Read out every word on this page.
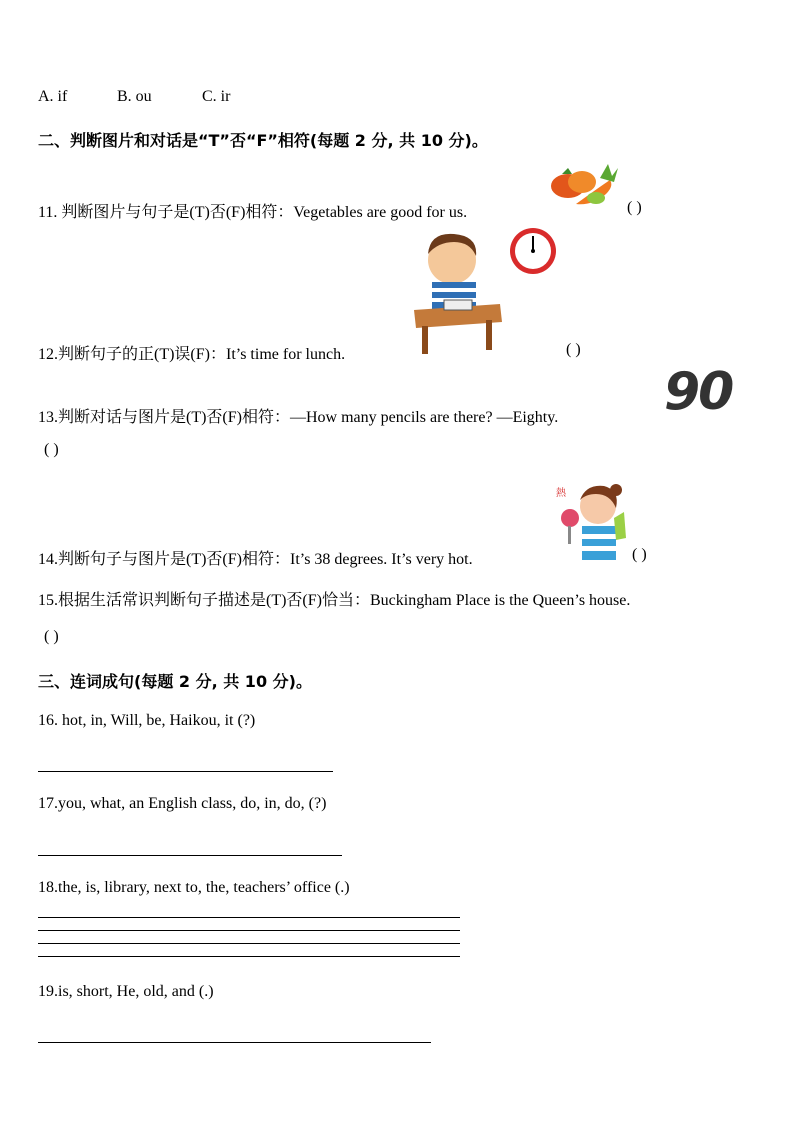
A. if	B. ou	C. ir
二、判断图片和对话是“T”否“F”相符(每题 2 分, 共 10 分)。
11. 判断图片与句子是(T)否(F)相符：Vegetables are good for us.	( )
12.判断句子的正(T)误(F)：It’s time for lunch.	( )
13.判断对话与图片是(T)否(F)相符：—How many pencils are there? —Eighty. 90
( )
熱
14.判断句子与图片是(T)否(F)相符：It’s 38 degrees. It’s very hot.	( )
15.根据生活常识判断句子描述是(T)否(F)恰当：Buckingham Place is the Queen’s house.
( )
三、连词成句(每题 2 分, 共 10 分)。
16. hot, in, Will, be, Haikou, it (?)
17.you, what, an English class, do, in, do, (?)
18.the, is, library, next to, the, teachers’ office (.)
19.is, short, He, old, and (.)
